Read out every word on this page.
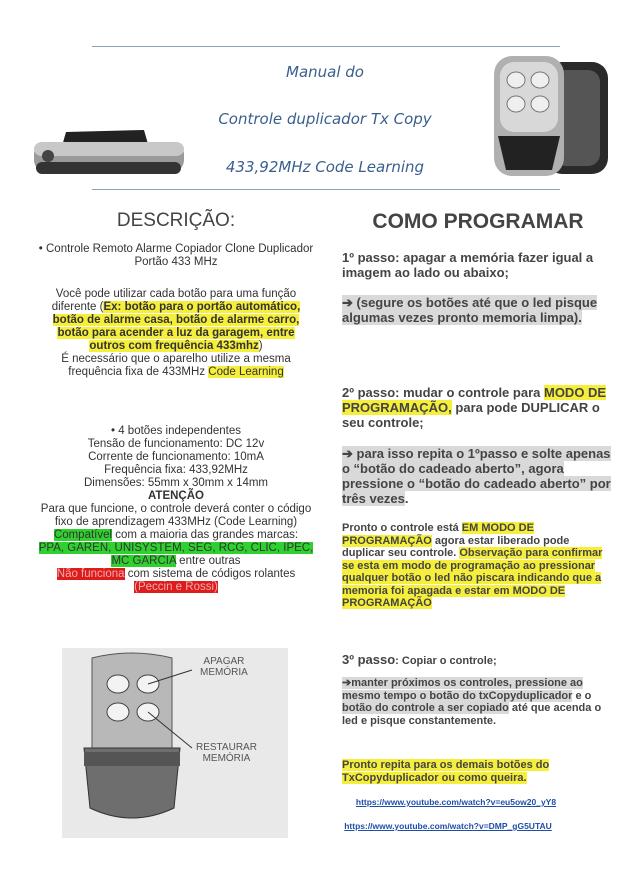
Manual do
Controle duplicador Tx Copy
433,92MHz Code Learning
DESCRIÇÃO:
• Controle Remoto Alarme Copiador Clone Duplicador Portão 433 MHz
Você pode utilizar cada botão para uma função diferente (Ex: botão para o portão automático, botão de alarme casa, botão de alarme carro, botão para acender a luz da garagem, entre outros com frequência 433mhz)
É necessário que o aparelho utilize a mesma frequência fixa de 433MHz Code Learning
• 4 botões independentes
Tensão de funcionamento: DC 12v
Corrente de funcionamento: 10mA
Frequência fixa: 433,92MHz
Dimensões: 55mm x 30mm x 14mm
ATENÇÃO
Para que funcione, o controle deverá conter o código fixo de aprendizagem 433MHz (Code Learning)
Compatível com a maioria das grandes marcas:
PPA, GAREN, UNISYSTEM, SEG, RCG, CLIC, IPEC, MC GARCIA entre outras
Não funciona com sistema de códigos rolantes (Peccin e Rossi)
APAGAR
MEMÓRIA
RESTAURAR
MEMÓRIA
COMO PROGRAMAR
1º passo: apagar a memória fazer igual a imagem ao lado ou abaixo;
➔ (segure os botões até que o led pisque algumas vezes pronto memoria limpa).
2º passo: mudar o controle para MODO DE PROGRAMAÇÃO, para pode DUPLICAR o seu controle;
➔ para isso repita o 1ºpasso e solte apenas o “botão do cadeado aberto”, agora pressione o “botão do cadeado aberto” por três vezes.
Pronto o controle está EM MODO DE PROGRAMAÇÃO agora estar liberado pode duplicar seu controle. Observação para confirmar se esta em modo de programação ao pressionar qualquer botão o led não piscara indicando que a memoria foi apagada e estar em MODO DE PROGRAMAÇÃO
3º passo: Copiar o controle;
➔manter próximos os controles, pressione ao mesmo tempo o botão do txCopyduplicador e o botão do controle a ser copiado até que acenda o led e pisque constantemente.
Pronto repita para os demais botões do TxCopyduplicador ou como queira.
https://www.youtube.com/watch?v=eu5ow20_yY8
https://www.youtube.com/watch?v=DMP_gG5UTAU
